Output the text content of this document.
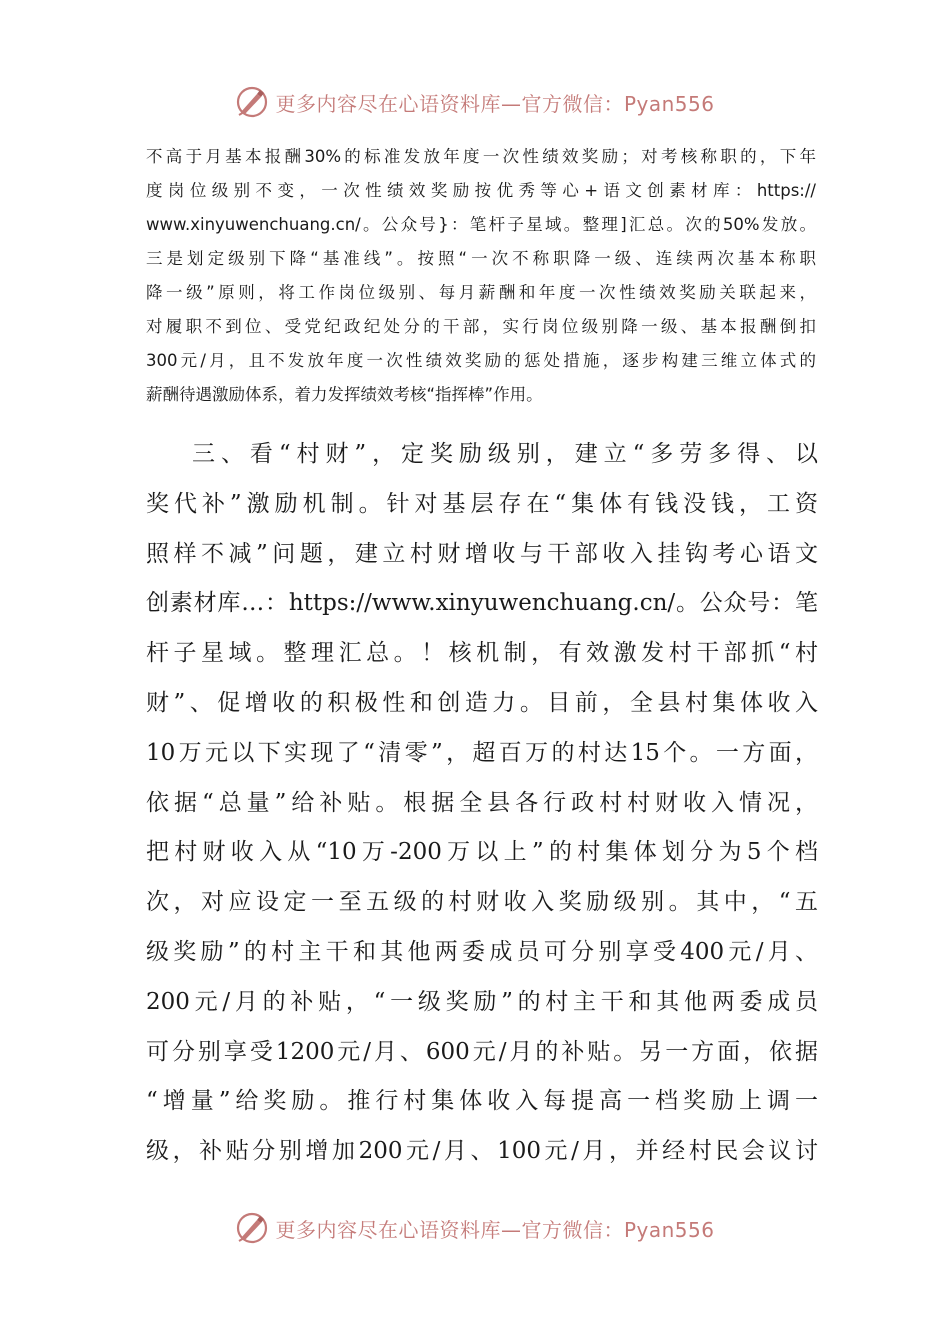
更多内容尽在心语资料库—官方微信：Pyan556
不高于月基本报酬30%的标准发放年度一次性绩效奖励；对考核称职的，下年
度岗位级别不变，一次性绩效奖励按优秀等心+语文创素材库：https://
www.xinyuwenchuang.cn/。公众号}：笔杆子星域。整理]汇总。次的50%发放。
三是划定级别下降“基准线”。按照“一次不称职降一级、连续两次基本称职
降一级”原则，将工作岗位级别、每月薪酬和年度一次性绩效奖励关联起来，
对履职不到位、受党纪政纪处分的干部，实行岗位级别降一级、基本报酬倒扣
300元/月，且不发放年度一次性绩效奖励的惩处措施，逐步构建三维立体式的
薪酬待遇激励体系，着力发挥绩效考核“指挥棒”作用。
三、看“村财”，定奖励级别，建立“多劳多得、以
奖代补”激励机制。针对基层存在“集体有钱没钱，工资
照样不减”问题，建立村财增收与干部收入挂钩考心语文
创素材库…：https://www.xinyuwenchuang.cn/。公众号：笔
杆子星域。整理汇总。！核机制，有效激发村干部抓“村
财”、促增收的积极性和创造力。目前，全县村集体收入
10万元以下实现了“清零”，超百万的村达15个。一方面，
依据“总量”给补贴。根据全县各行政村村财收入情况，
把村财收入从“10万-200万以上”的村集体划分为5个档
次，对应设定一至五级的村财收入奖励级别。其中，“五
级奖励”的村主干和其他两委成员可分别享受400元/月、
200元/月的补贴，“一级奖励”的村主干和其他两委成员
可分别享受1200元/月、600元/月的补贴。另一方面，依据
“增量”给奖励。推行村集体收入每提高一档奖励上调一
级，补贴分别增加200元/月、100元/月，并经村民会议讨
更多内容尽在心语资料库—官方微信：Pyan556
